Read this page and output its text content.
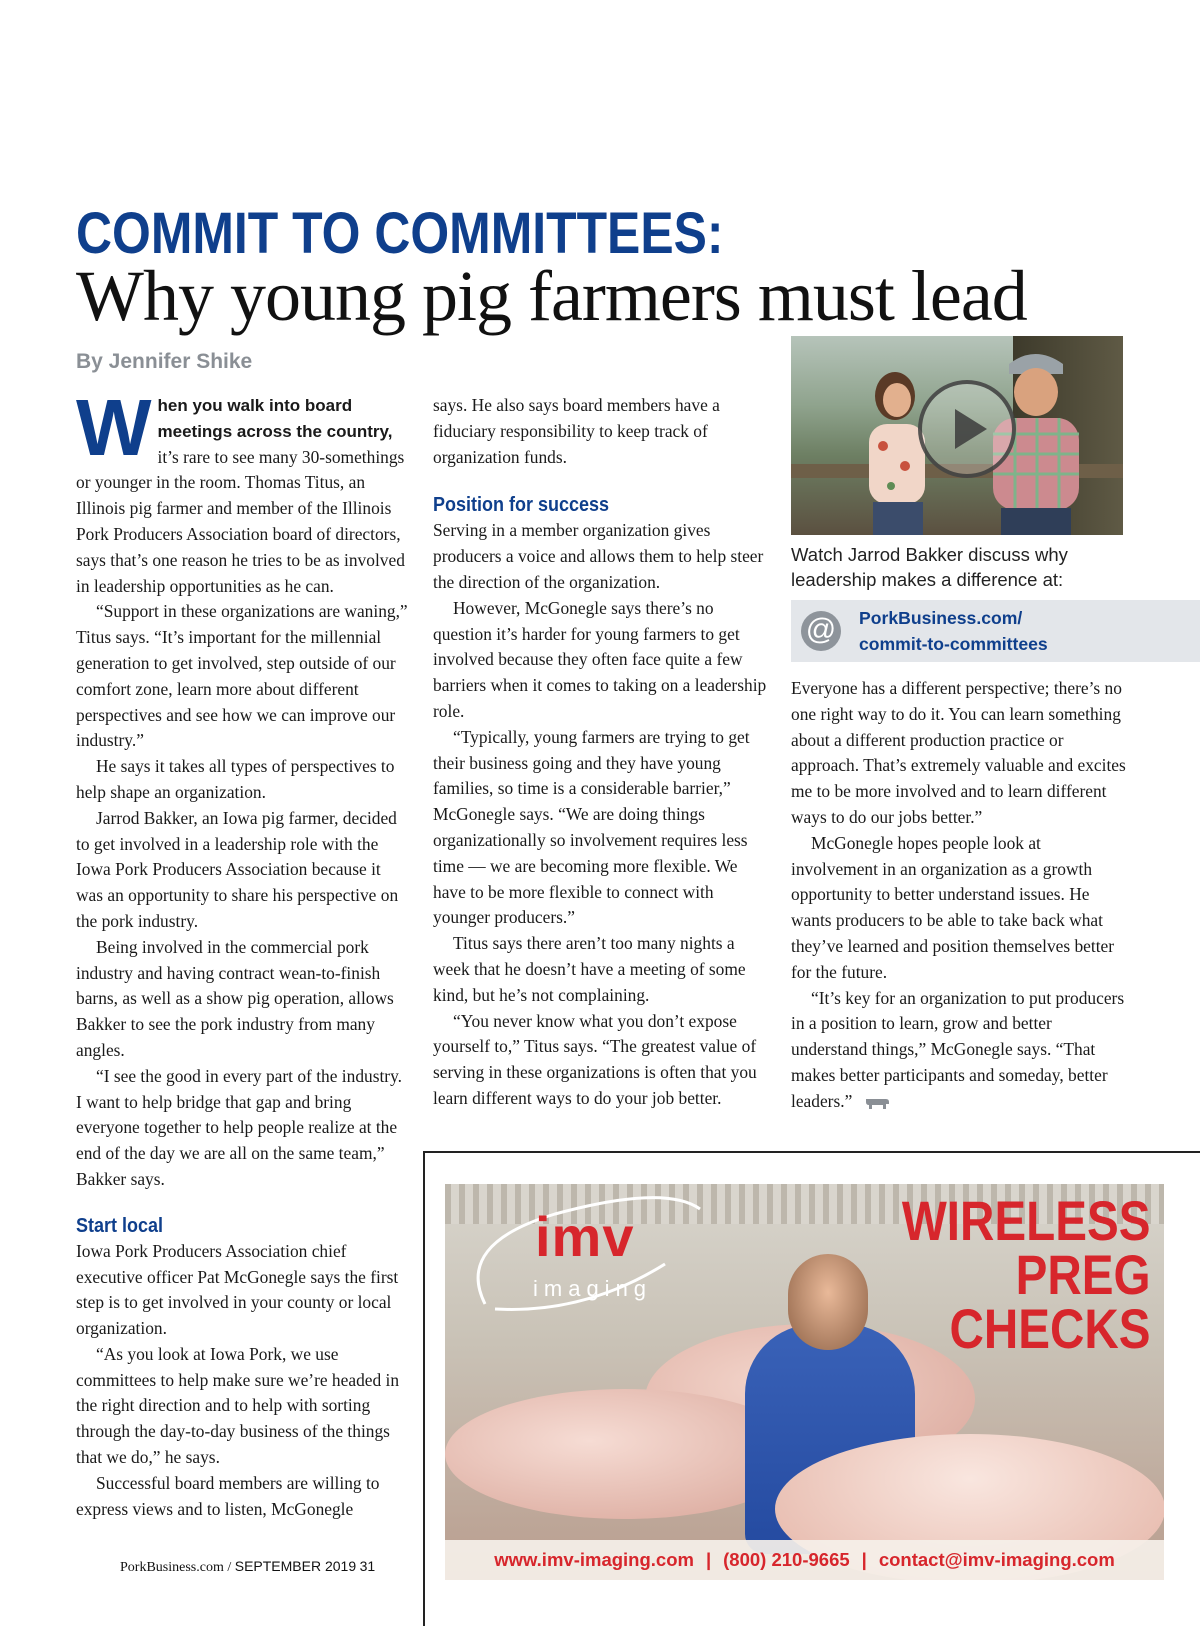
COMMIT TO COMMITTEES:
Why young pig farmers must lead
By Jennifer Shike

When you walk into board meetings across the country, it’s rare to see many 30-somethings or younger in the room. Thomas Titus, an Illinois pig farmer and member of the Illinois Pork Producers Association board of directors, says that’s one reason he tries to be as involved in leadership opportunities as he can.

“Support in these organizations are waning,” Titus says. “It’s important for the millennial generation to get involved, step outside of our comfort zone, learn more about different perspectives and see how we can improve our industry.”

He says it takes all types of perspectives to help shape an organization.

Jarrod Bakker, an Iowa pig farmer, decided to get involved in a leadership role with the Iowa Pork Producers Association because it was an opportunity to share his perspective on the pork industry.

Being involved in the commercial pork industry and having contract wean-to-finish barns, as well as a show pig operation, allows Bakker to see the pork industry from many angles.

“I see the good in every part of the industry. I want to help bridge that gap and bring everyone together to help people realize at the end of the day we are all on the same team,” Bakker says.

Start local

Iowa Pork Producers Association chief executive officer Pat McGonegle says the first step is to get involved in your county or local organization.

“As you look at Iowa Pork, we use committees to help make sure we’re headed in the right direction and to help with sorting through the day-to-day business of the things that we do,” he says.

Successful board members are willing to express views and to listen, McGonegle

says. He also says board members have a fiduciary responsibility to keep track of organization funds.

Position for success

Serving in a member organization gives producers a voice and allows them to help steer the direction of the organization.

However, McGonegle says there’s no question it’s harder for young farmers to get involved because they often face quite a few barriers when it comes to taking on a leadership role.

“Typically, young farmers are trying to get their business going and they have young families, so time is a considerable barrier,” McGonegle says. “We are doing things organizationally so involvement requires less time — we are becoming more flexible. We have to be more flexible to connect with younger producers.”

Titus says there aren’t too many nights a week that he doesn’t have a meeting of some kind, but he’s not complaining.

“You never know what you don’t expose yourself to,” Titus says. “The greatest value of serving in these organizations is often that you learn different ways to do your job better.

Watch Jarrod Bakker discuss why leadership makes a difference at:
@ PorkBusiness.com/
commit-to-committees

Everyone has a different perspective; there’s no one right way to do it. You can learn something about a different production practice or approach. That’s extremely valuable and excites me to be more involved and to learn different ways to do our jobs better.”

McGonegle hopes people look at involvement in an organization as a growth opportunity to better understand issues. He wants producers to be able to take back what they’ve learned and position themselves better for the future.

“It’s key for an organization to put producers in a position to learn, grow and better understand things,” McGonegle says. “That makes better participants and someday, better leaders.”

PorkBusiness.com / SEPTEMBER 2019 31
imv
imaging
WIRELESS
PREG
CHECKS
www.imv-imaging.com | (800) 210-9665 | contact@imv-imaging.com
